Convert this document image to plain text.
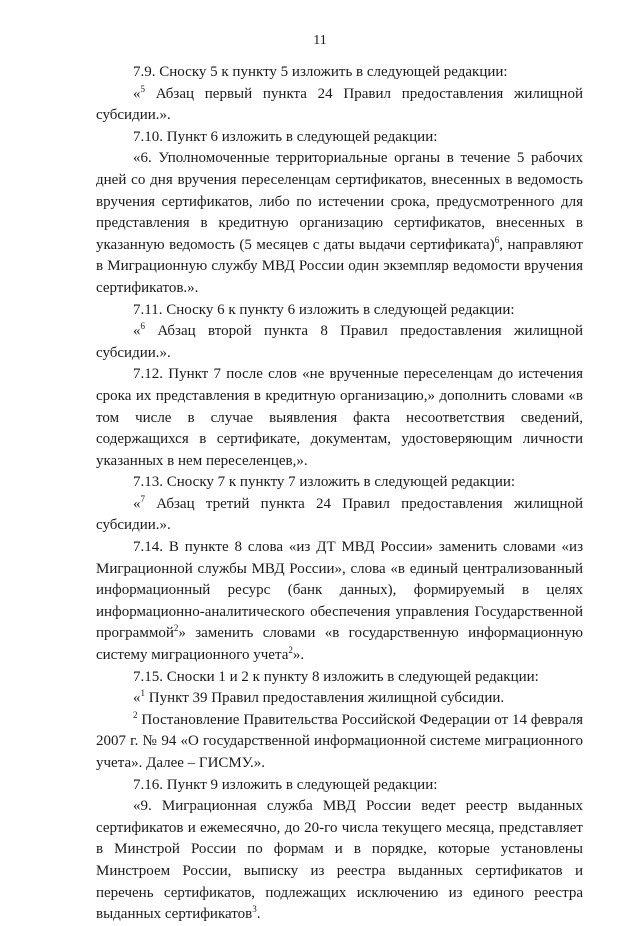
11

7.9. Сноску 5 к пункту 5 изложить в следующей редакции:

«$^5$ Абзац первый пункта 24 Правил предоставления жилищной субсидии.».

7.10. Пункт 6 изложить в следующей редакции:

«6. Уполномоченные территориальные органы в течение 5 рабочих дней со дня вручения переселенцам сертификатов, внесенных в ведомость вручения сертификатов, либо по истечении срока, предусмотренного для представления в кредитную организацию сертификатов, внесенных в указанную ведомость (5 месяцев с даты выдачи сертификата)$^6$, направляют в Миграционную службу МВД России один экземпляр ведомости вручения сертификатов.».

7.11. Сноску 6 к пункту 6 изложить в следующей редакции:

«$^6$ Абзац второй пункта 8 Правил предоставления жилищной субсидии.».

7.12. Пункт 7 после слов «не врученные переселенцам до истечения срока их представления в кредитную организацию,» дополнить словами «в том числе в случае выявления факта несоответствия сведений, содержащихся в сертификате, документам, удостоверяющим личности указанных в нем переселенцев,».

7.13. Сноску 7 к пункту 7 изложить в следующей редакции:

«$^7$ Абзац третий пункта 24 Правил предоставления жилищной субсидии.».

7.14. В пункте 8 слова «из ДТ МВД России» заменить словами «из Миграционной службы МВД России», слова «в единый централизованный информационный ресурс (банк данных), формируемый в целях информационно-аналитического обеспечения управления Государственной программой$^2$» заменить словами «в государственную информационную систему миграционного учета$^2$».

7.15. Сноски 1 и 2 к пункту 8 изложить в следующей редакции:

«$^1$ Пункт 39 Правил предоставления жилищной субсидии.

$^2$ Постановление Правительства Российской Федерации от 14 февраля 2007 г. № 94 «О государственной информационной системе миграционного учета». Далее – ГИСМУ.».

7.16. Пункт 9 изложить в следующей редакции:

«9. Миграционная служба МВД России ведет реестр выданных сертификатов и ежемесячно, до 20-го числа текущего месяца, представляет в Минстрой России по формам и в порядке, которые установлены Минстроем России, выписку из реестра выданных сертификатов и перечень сертификатов, подлежащих исключению из единого реестра выданных сертификатов$^3$.
